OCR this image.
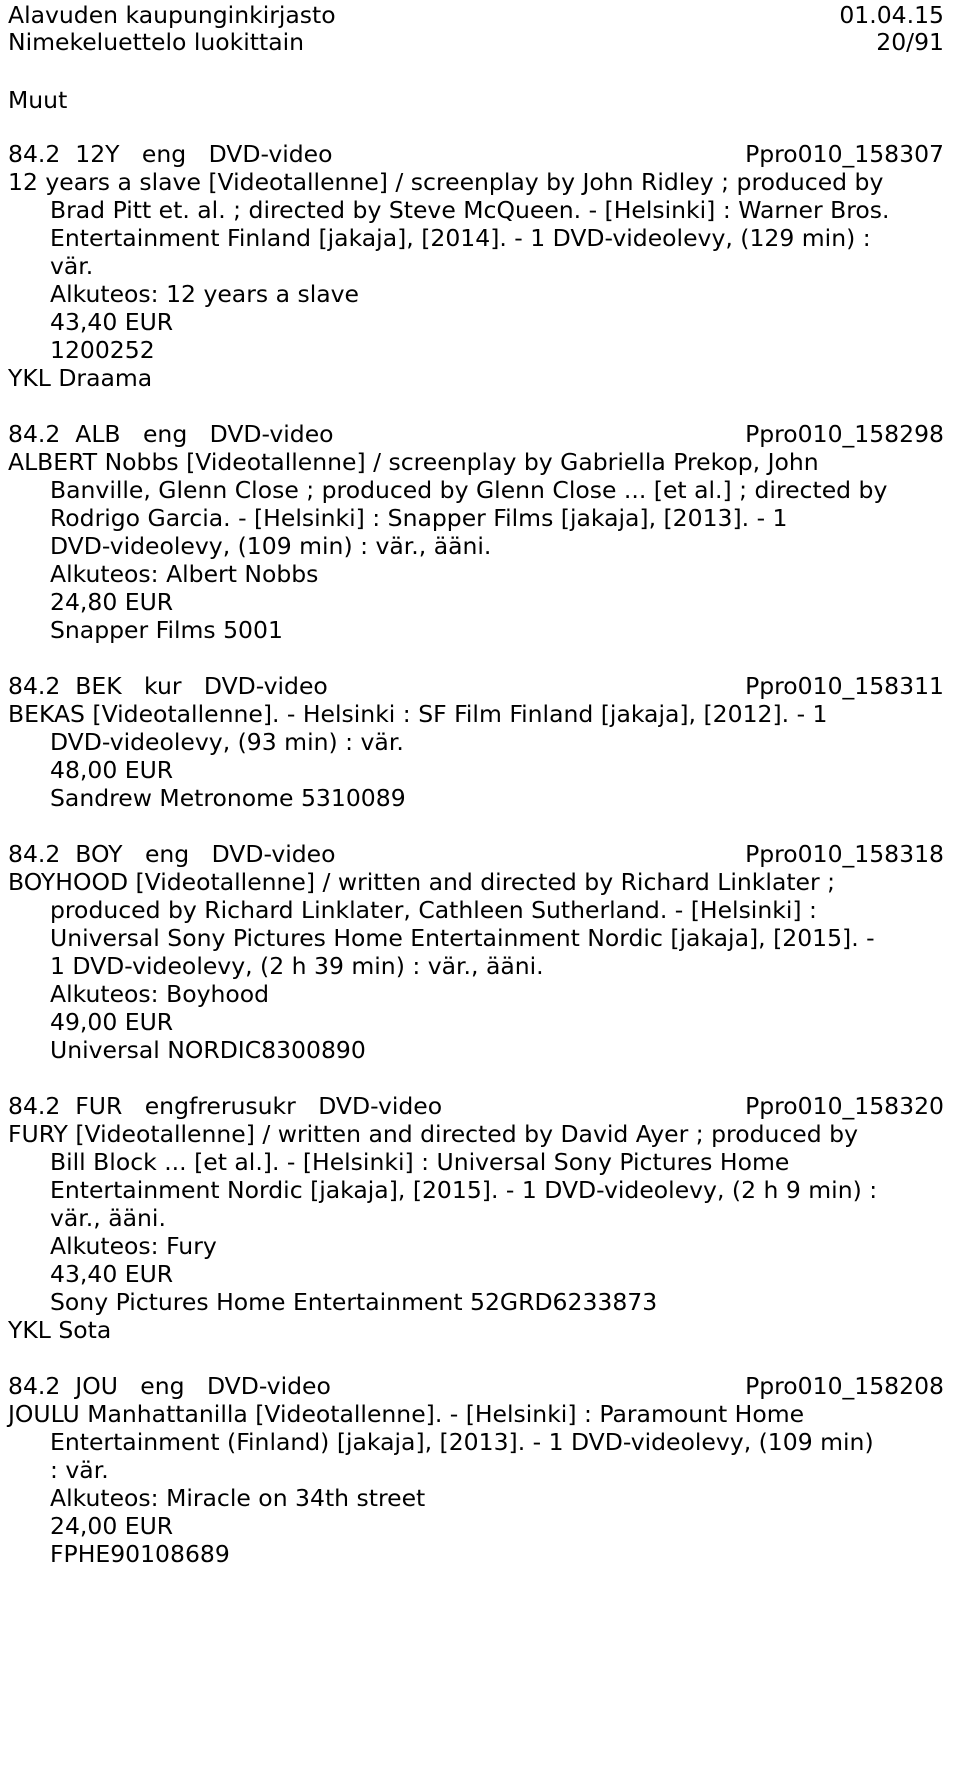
Alavuden kaupunginkirjasto	01.04.15
Nimekeluettelo luokittain	20/91
Muut
84.2  12Y   eng   DVD-video	Ppro010_158307
12 years a slave [Videotallenne] / screenplay by John Ridley ; produced by
Brad Pitt et. al. ; directed by Steve McQueen. - [Helsinki] : Warner Bros.
Entertainment Finland [jakaja], [2014]. - 1 DVD-videolevy, (129 min) :
vär.
Alkuteos: 12 years a slave
43,40 EUR
1200252
YKL Draama
84.2  ALB   eng   DVD-video	Ppro010_158298
ALBERT Nobbs [Videotallenne] / screenplay by Gabriella Prekop, John
Banville, Glenn Close ; produced by Glenn Close ... [et al.] ; directed by
Rodrigo Garcia. - [Helsinki] : Snapper Films [jakaja], [2013]. - 1
DVD-videolevy, (109 min) : vär., ääni.
Alkuteos: Albert Nobbs
24,80 EUR
Snapper Films 5001
84.2  BEK   kur   DVD-video	Ppro010_158311
BEKAS [Videotallenne]. - Helsinki : SF Film Finland [jakaja], [2012]. - 1
DVD-videolevy, (93 min) : vär.
48,00 EUR
Sandrew Metronome 5310089
84.2  BOY   eng   DVD-video	Ppro010_158318
BOYHOOD [Videotallenne] / written and directed by Richard Linklater ;
produced by Richard Linklater, Cathleen Sutherland. - [Helsinki] :
Universal Sony Pictures Home Entertainment Nordic [jakaja], [2015]. -
1 DVD-videolevy, (2 h 39 min) : vär., ääni.
Alkuteos: Boyhood
49,00 EUR
Universal NORDIC8300890
84.2  FUR   engfrerusukr   DVD-video	Ppro010_158320
FURY [Videotallenne] / written and directed by David Ayer ; produced by
Bill Block ... [et al.]. - [Helsinki] : Universal Sony Pictures Home
Entertainment Nordic [jakaja], [2015]. - 1 DVD-videolevy, (2 h 9 min) :
vär., ääni.
Alkuteos: Fury
43,40 EUR
Sony Pictures Home Entertainment 52GRD6233873
YKL Sota
84.2  JOU   eng   DVD-video	Ppro010_158208
JOULU Manhattanilla [Videotallenne]. - [Helsinki] : Paramount Home
Entertainment (Finland) [jakaja], [2013]. - 1 DVD-videolevy, (109 min)
: vär.
Alkuteos: Miracle on 34th street
24,00 EUR
FPHE90108689
